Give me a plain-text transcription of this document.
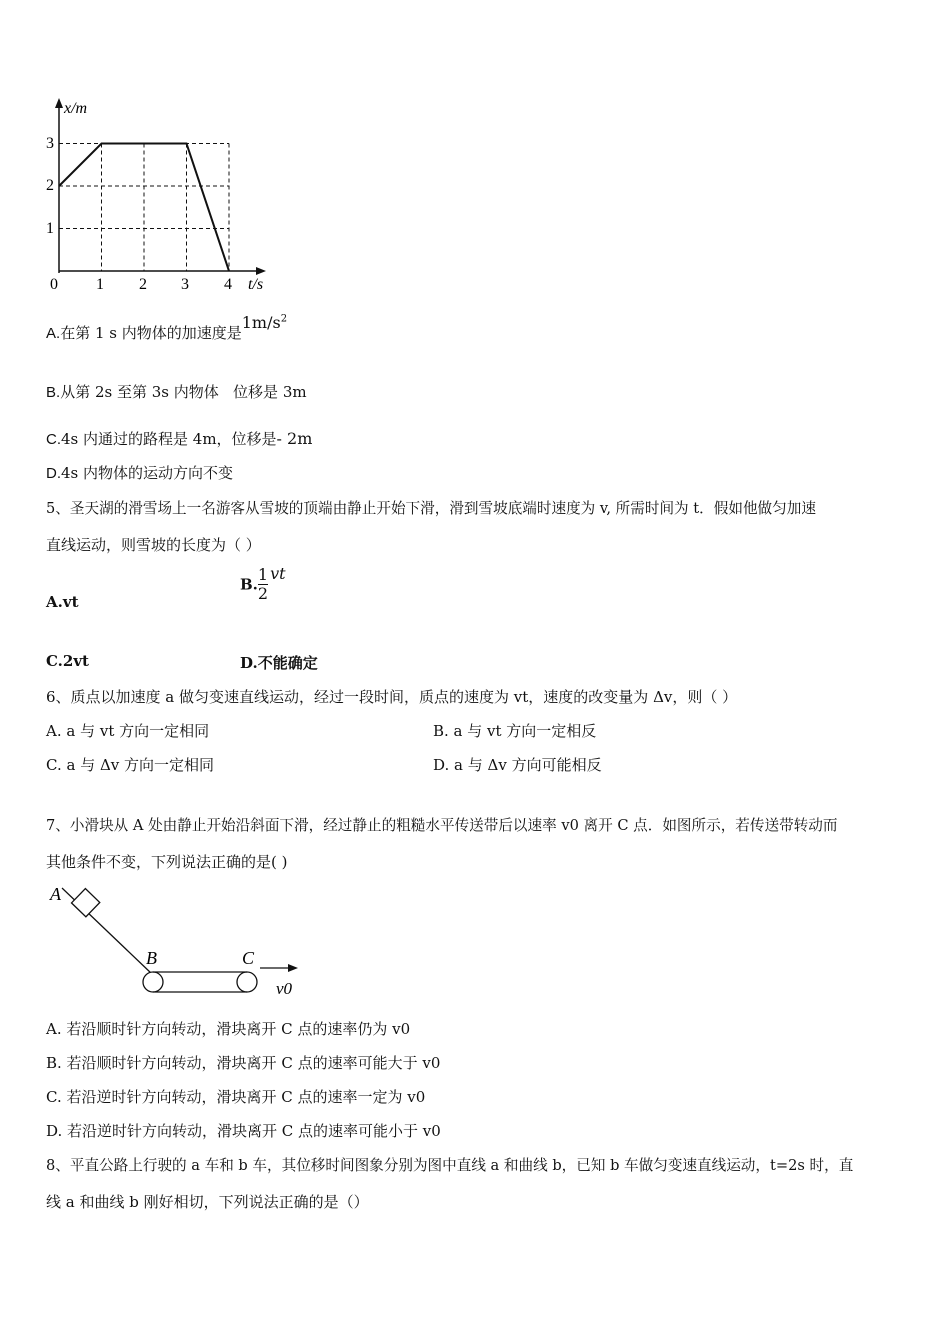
x/m
t/s
3
2
1
0 1 2 3 4
A.在第 1 s 内物体的加速度是$1m/s^2$
B.从第 2s 至第 3s 内物体   位移是 3m
C.4s 内通过的路程是 4m，位移是- 2m
D.4s 内物体的运动方向不变
5、圣天湖的滑雪场上一名游客从雪坡的顶端由静止开始下滑，滑到雪坡底端时速度为 v, 所需时间为 t．假如他做匀加速
直线运动，则雪坡的长度为（ ）
A.vt
B. $\frac{1}{2}$ vt
C.2vt	D.不能确定
6、质点以加速度 a 做匀变速直线运动，经过一段时间，质点的速度为 vt，速度的改变量为 Δv，则（ ）
A. a 与 vt 方向一定相同	B. a 与 vt 方向一定相反
C. a 与 Δv 方向一定相同	D. a 与 Δv 方向可能相反
7、小滑块从 A 处由静止开始沿斜面下滑，经过静止的粗糙水平传送带后以速率 v0 离开 C 点．如图所示，若传送带转动而
其他条件不变，下列说法正确的是( )
A
B	C
v0
A. 若沿顺时针方向转动，滑块离开 C 点的速率仍为 v0
B. 若沿顺时针方向转动，滑块离开 C 点的速率可能大于 v0
C. 若沿逆时针方向转动，滑块离开 C 点的速率一定为 v0
D. 若沿逆时针方向转动，滑块离开 C 点的速率可能小于 v0
8、平直公路上行驶的 a 车和 b 车，其位移时间图象分别为图中直线 a 和曲线 b，已知 b 车做匀变速直线运动，t=2s 时，直
线 a 和曲线 b 刚好相切，下列说法正确的是（）
